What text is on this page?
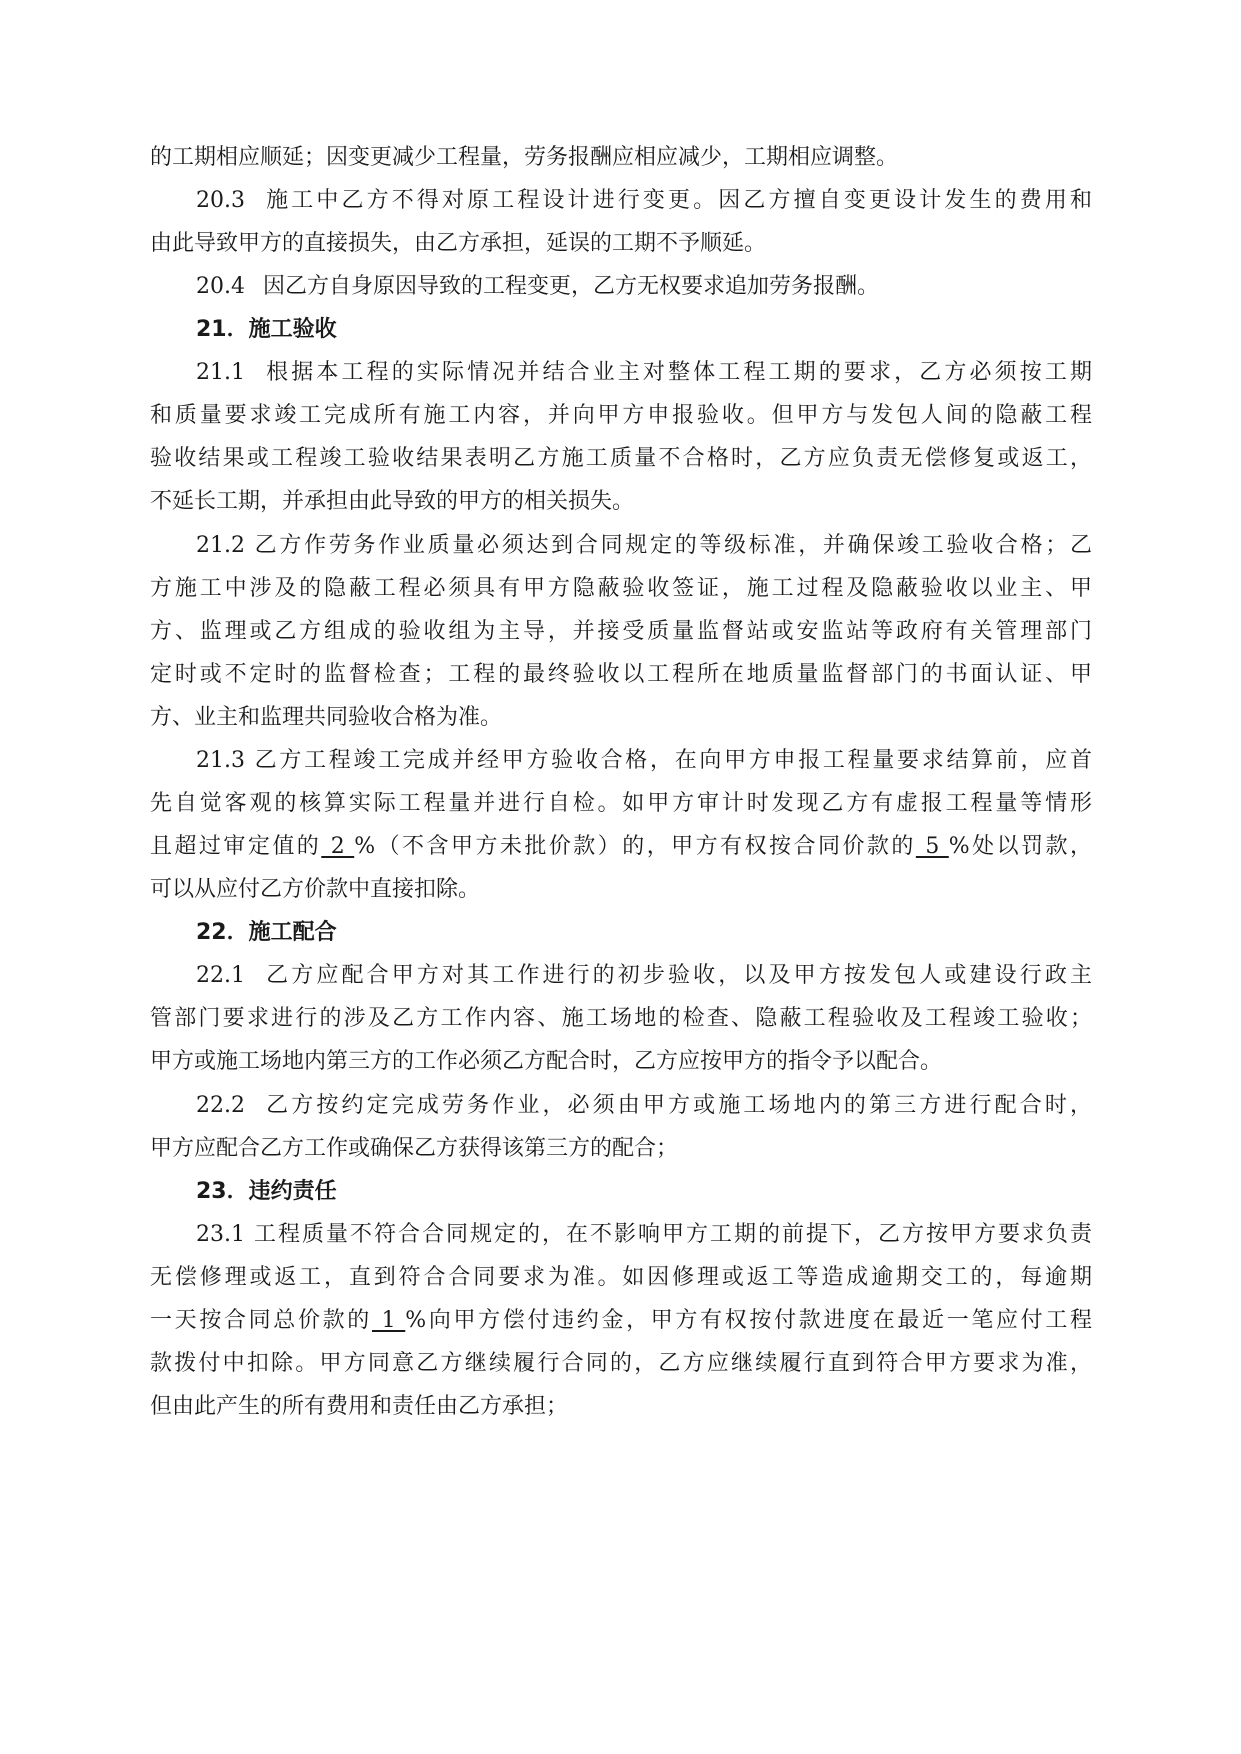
的工期相应顺延；因变更减少工程量，劳务报酬应相应减少，工期相应调整。
20.3 施工中乙方不得对原工程设计进行变更。因乙方擅自变更设计发生的费用和
由此导致甲方的直接损失，由乙方承担，延误的工期不予顺延。
20.4 因乙方自身原因导致的工程变更，乙方无权要求追加劳务报酬。
21．施工验收
21.1 根据本工程的实际情况并结合业主对整体工程工期的要求，乙方必须按工期
和质量要求竣工完成所有施工内容，并向甲方申报验收。但甲方与发包人间的隐蔽工程
验收结果或工程竣工验收结果表明乙方施工质量不合格时，乙方应负责无偿修复或返工，
不延长工期，并承担由此导致的甲方的相关损失。
21.2 乙方作劳务作业质量必须达到合同规定的等级标准，并确保竣工验收合格；乙
方施工中涉及的隐蔽工程必须具有甲方隐蔽验收签证，施工过程及隐蔽验收以业主、甲
方、监理或乙方组成的验收组为主导，并接受质量监督站或安监站等政府有关管理部门
定时或不定时的监督检查；工程的最终验收以工程所在地质量监督部门的书面认证、甲
方、业主和监理共同验收合格为准。
21.3 乙方工程竣工完成并经甲方验收合格，在向甲方申报工程量要求结算前，应首
先自觉客观的核算实际工程量并进行自检。如甲方审计时发现乙方有虚报工程量等情形
且超过审定值的 2 %（不含甲方未批价款）的，甲方有权按合同价款的 5 %处以罚款，
可以从应付乙方价款中直接扣除。
22．施工配合
22.1 乙方应配合甲方对其工作进行的初步验收，以及甲方按发包人或建设行政主
管部门要求进行的涉及乙方工作内容、施工场地的检查、隐蔽工程验收及工程竣工验收；
甲方或施工场地内第三方的工作必须乙方配合时，乙方应按甲方的指令予以配合。
22.2 乙方按约定完成劳务作业，必须由甲方或施工场地内的第三方进行配合时，
甲方应配合乙方工作或确保乙方获得该第三方的配合；
23．违约责任
23.1 工程质量不符合合同规定的，在不影响甲方工期的前提下，乙方按甲方要求负责
无偿修理或返工，直到符合合同要求为准。如因修理或返工等造成逾期交工的，每逾期
一天按合同总价款的 1 %向甲方偿付违约金，甲方有权按付款进度在最近一笔应付工程
款拨付中扣除。甲方同意乙方继续履行合同的，乙方应继续履行直到符合甲方要求为准，
但由此产生的所有费用和责任由乙方承担；
